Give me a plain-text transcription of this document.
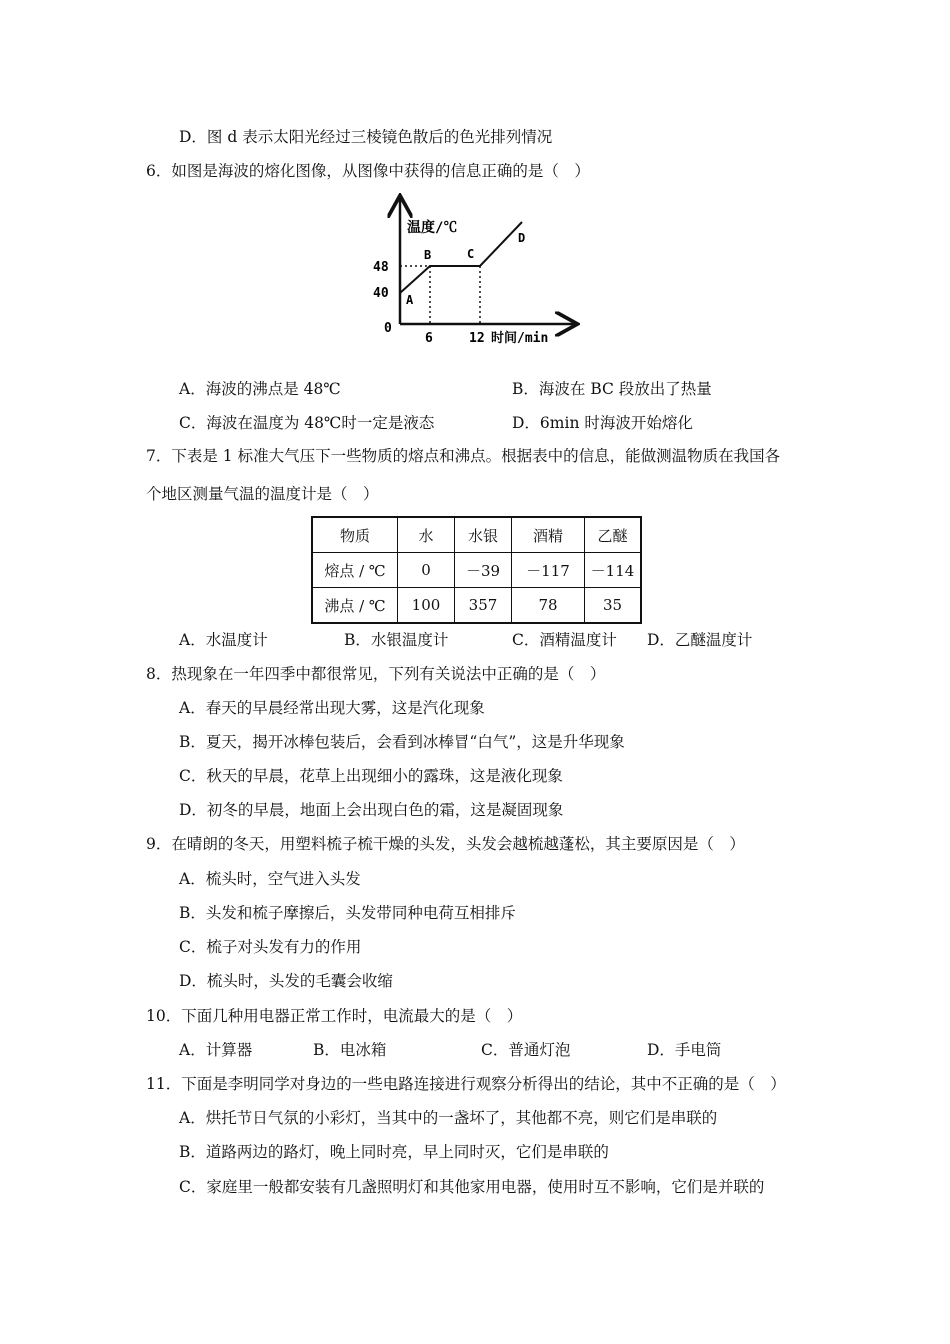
D．图 d 表示太阳光经过三棱镜色散后的色光排列情况
6．如图是海波的熔化图像，从图像中获得的信息正确的是（　）
温度/℃
时间/min
48
40
0
6	12
A
B	C
D
A．海波的沸点是 48℃	B．海波在 BC 段放出了热量
C．海波在温度为 48℃时一定是液态	D．6min 时海波开始熔化
7．下表是 1 标准大气压下一些物质的熔点和沸点。根据表中的信息，能做测温物质在我国各
个地区测量气温的温度计是（　）
物质	水	水银	酒精	乙醚
熔点 / ℃	0	－39	－117	－114
沸点 / ℃	100	357	78	35
A．水温度计	B．水银温度计	C．酒精温度计 D．乙醚温度计
8．热现象在一年四季中都很常见，下列有关说法中正确的是（　）
A．春天的早晨经常出现大雾，这是汽化现象
B．夏天，揭开冰棒包装后，会看到冰棒冒“白气”，这是升华现象
C．秋天的早晨，花草上出现细小的露珠，这是液化现象
D．初冬的早晨，地面上会出现白色的霜，这是凝固现象
9．在晴朗的冬天，用塑料梳子梳干燥的头发，头发会越梳越蓬松，其主要原因是（　）
A．梳头时，空气进入头发
B．头发和梳子摩擦后，头发带同种电荷互相排斥
C．梳子对头发有力的作用
D．梳头时，头发的毛囊会收缩
10．下面几种用电器正常工作时，电流最大的是（　）
A．计算器	B．电冰箱	C．普通灯泡	D．手电筒
11．下面是李明同学对身边的一些电路连接进行观察分析得出的结论，其中不正确的是（　）
A．烘托节日气氛的小彩灯，当其中的一盏坏了，其他都不亮，则它们是串联的
B．道路两边的路灯，晚上同时亮，早上同时灭，它们是串联的
C．家庭里一般都安装有几盏照明灯和其他家用电器，使用时互不影响，它们是并联的
